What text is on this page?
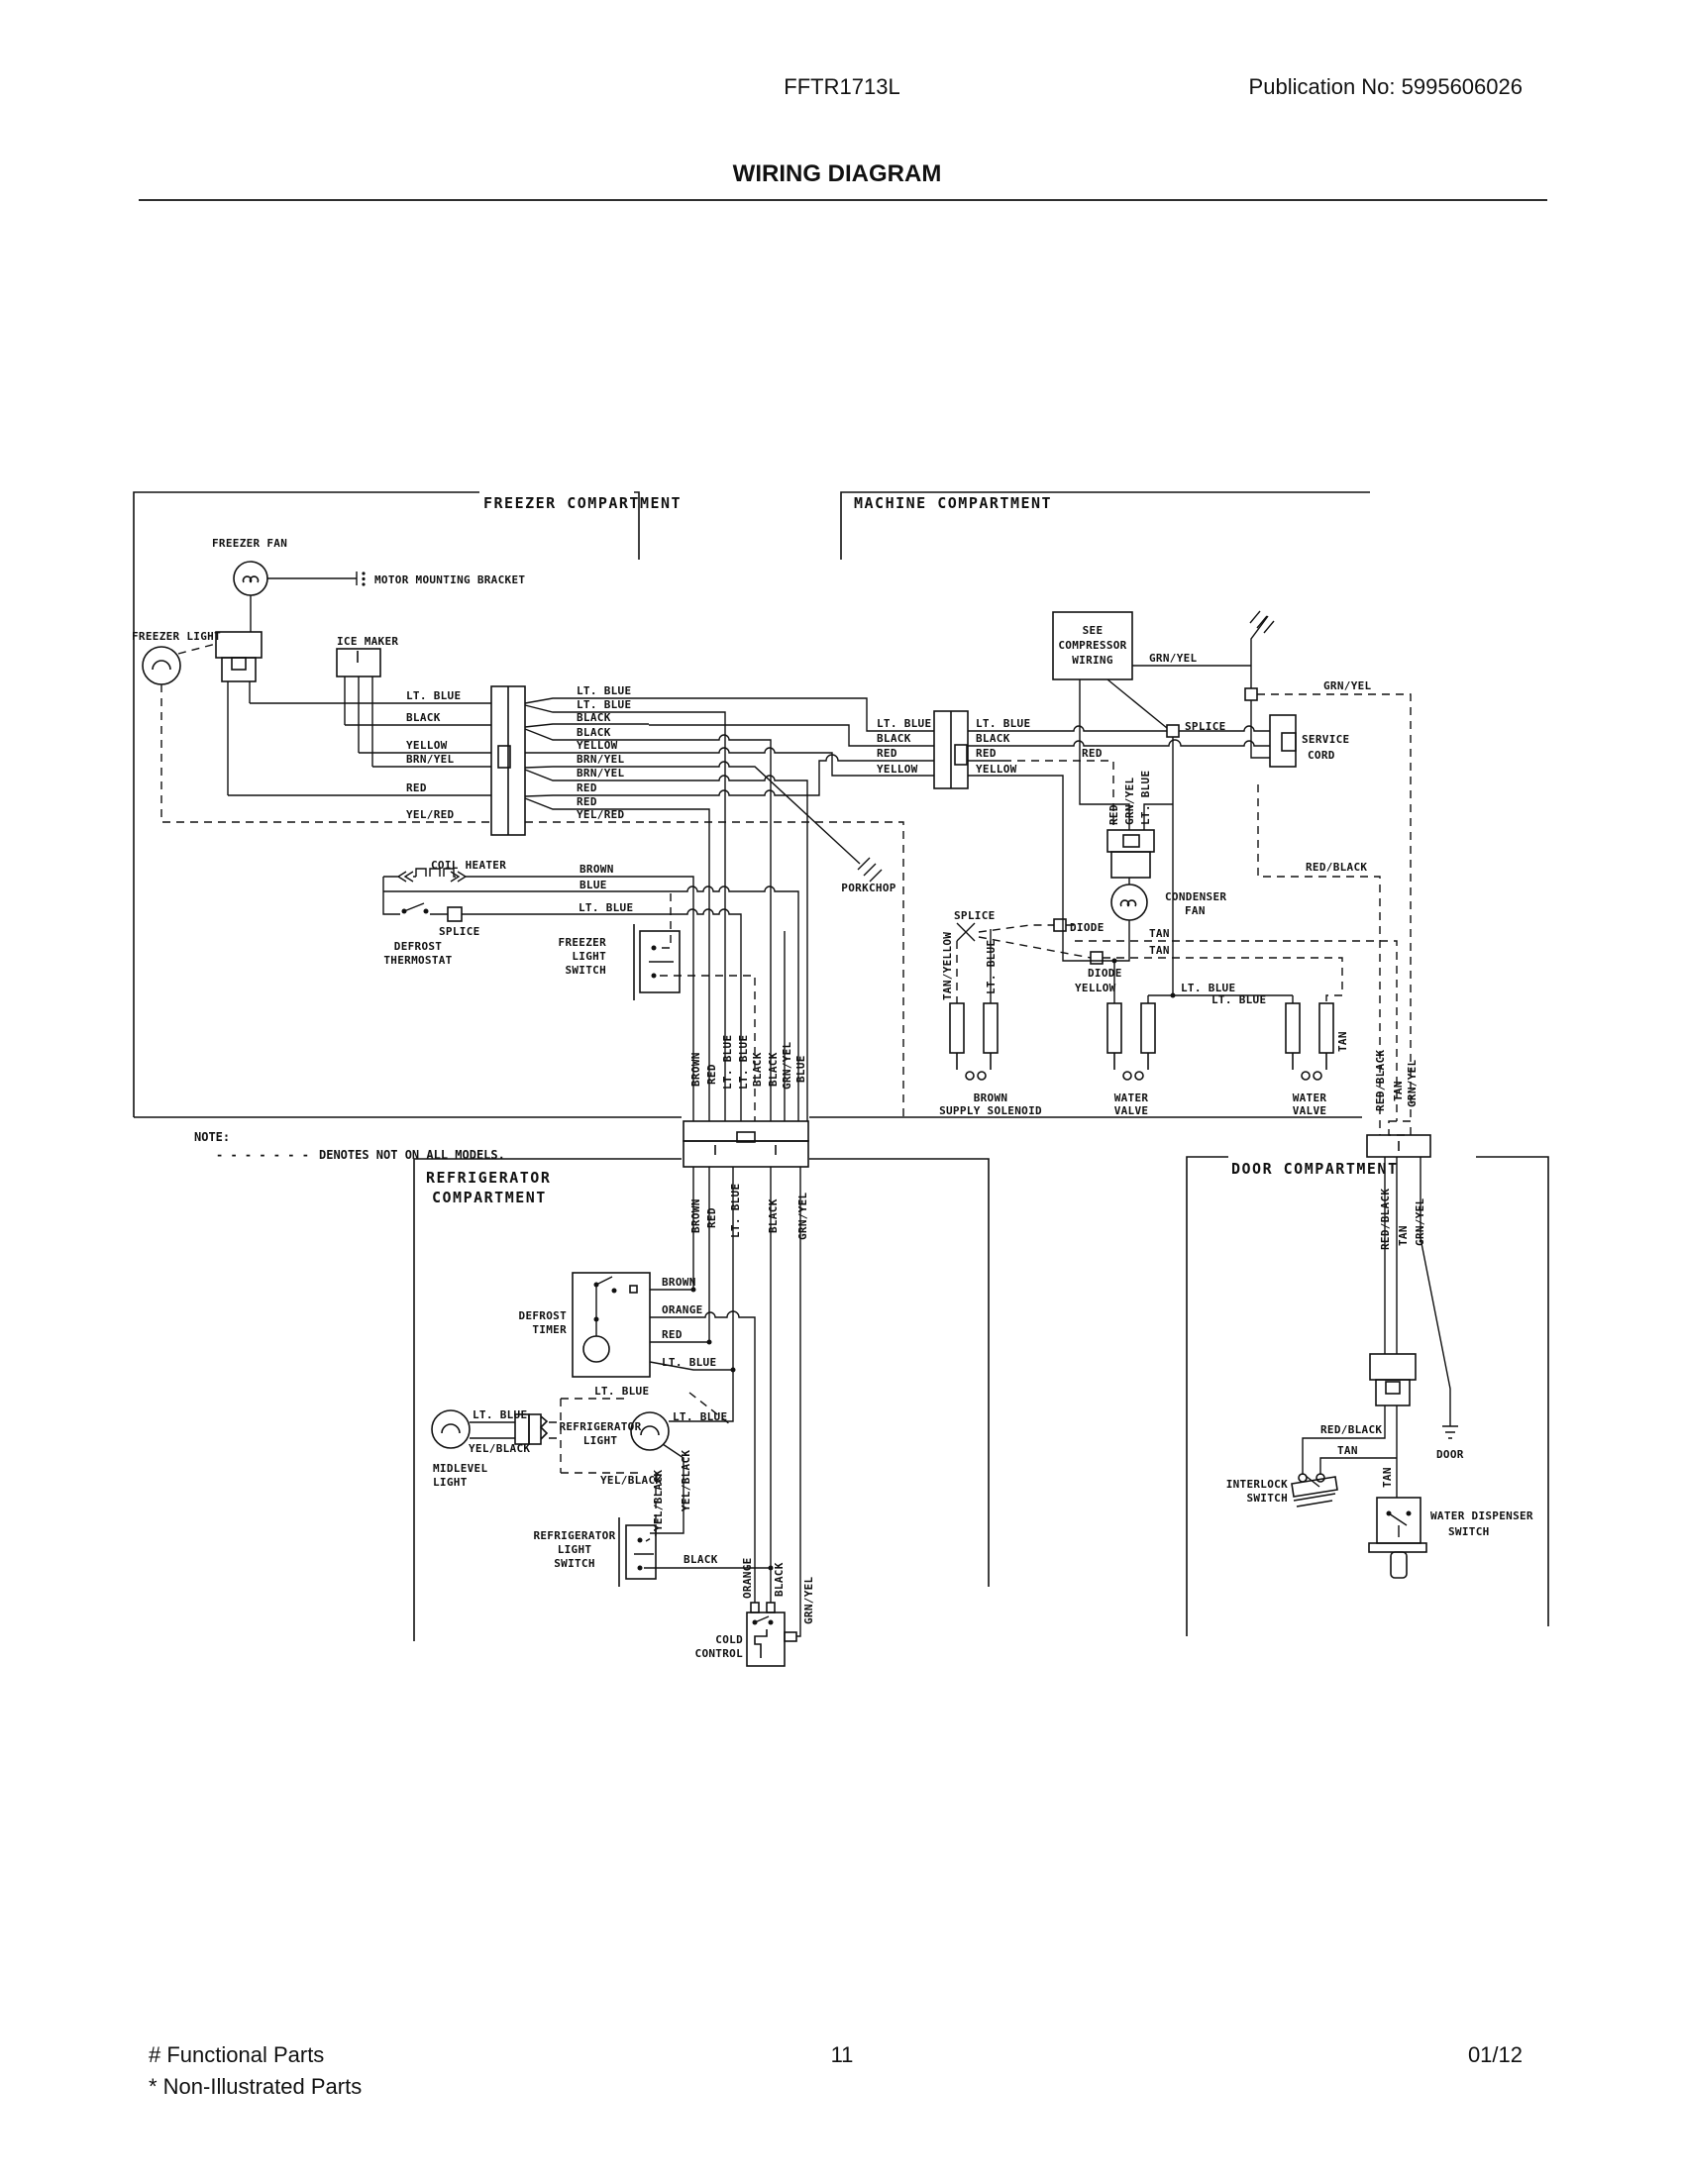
FFTR1713L	Publication No: 5995606026
WIRING DIAGRAM
FREEZER COMPARTMENT	MACHINE COMPARTMENT
REFRIGERATOR
COMPARTMENT
DOOR COMPARTMENT
NOTE:
- - - - - - - DENOTES NOT ON ALL MODELS.
FREEZER FAN
MOTOR MOUNTING BRACKET
FREEZER LIGHT	ICE MAKER
LT. BLUE
BLACK
YELLOW
BRN/YEL
RED
YEL/RED
LT. BLUE
LT. BLUE
BLACK
BLACK
YELLOW
BRN/YEL
BRN/YEL
RED
RED
YEL/RED
PORKCHOP
COIL HEATER
SPLICE
DEFROST
THERMOSTAT
BROWN
BLUE
LT. BLUE
FREEZER
LIGHT
SWITCH
BROWN RED LT. BLUE LT. BLUE BLACK BLACK GRN/YEL BLUE
LT. BLUE
BLACK
RED
YELLOW
LT. BLUE
BLACK
RED
YELLOW
RED
SEE
COMPRESSOR
WIRING
SPLICE
GRN/YEL
GRN/YEL
SERVICE
CORD
RED GRN/YEL LT. BLUE
CONDENSER
FAN
SPLICE
DIODE
DIODE
TAN
TAN
TAN
RED/BLACK
RED/BLACK TAN GRN/YEL
TAN/YELLOW	LT. BLUE
BROWN
SUPPLY SOLENOID
YELLOW	LT. BLUE
LT. BLUE
WATER
VALVE
WATER
VALVE
BROWN RED LT. BLUE BLACK GRN/YEL
DEFROST
TIMER
BROWN
ORANGE
RED
LT. BLUE
LT. BLUE
YEL/BLACK
MIDLEVEL
LIGHT
LT. BLUE
YEL/BLACK
REFRIGERATOR
LIGHT
LT. BLUE
YEL/BLACK YEL/BLACK
REFRIGERATOR
LIGHT
SWITCH	BLACK ORANGE BLACK GRN/YEL
COLD
CONTROL
RED/BLACK TAN GRN/YEL
DOOR
RED/BLACK
TAN
TAN
INTERLOCK
SWITCH
WATER DISPENSER
SWITCH
# Functional Parts
* Non-Illustrated Parts
11	01/12
